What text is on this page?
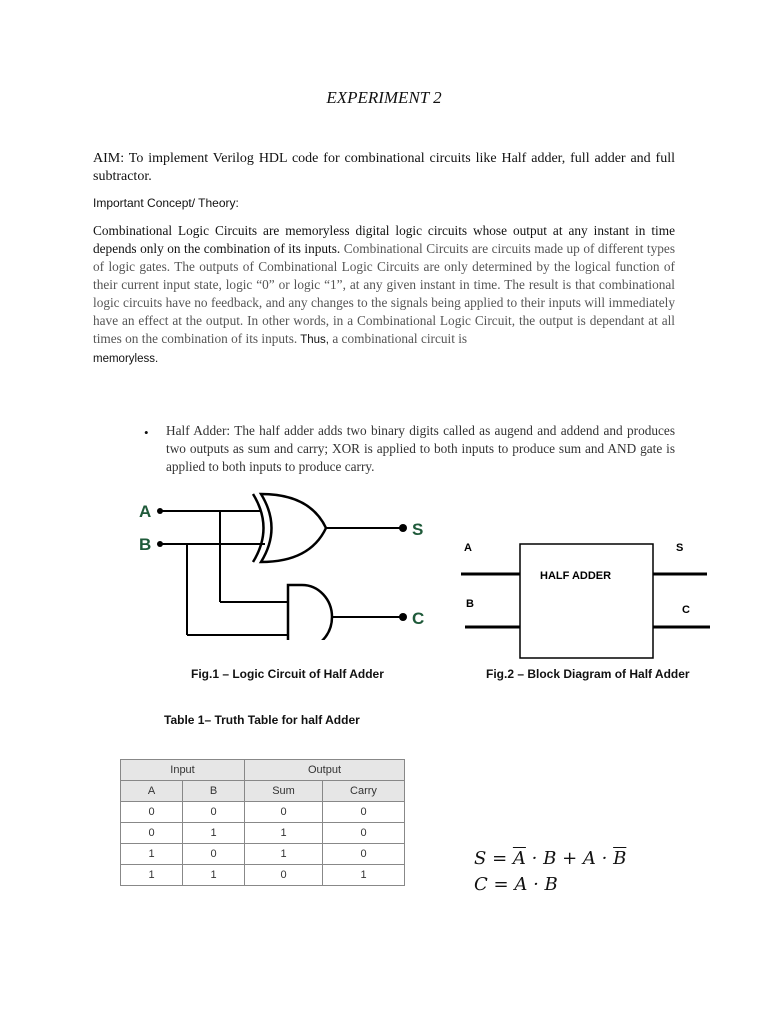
EXPERIMENT 2
AIM: To implement Verilog HDL code for combinational circuits like Half adder, full adder and full subtractor.
Important Concept/ Theory:
Combinational Logic Circuits are memoryless digital logic circuits whose output at any instant in time depends only on the combination of its inputs. Combinational Circuits are circuits made up of different types of logic gates. The outputs of Combinational Logic Circuits are only determined by the logical function of their current input state, logic “0” or logic “1”, at any given instant in time. The result is that combinational logic circuits have no feedback, and any changes to the signals being applied to their inputs will immediately have an effect at the output. In other words, in a Combinational Logic Circuit, the output is dependant at all times on the combination of its inputs. Thus, a combinational circuit is
memoryless.
• Half Adder: The half adder adds two binary digits called as augend and addend and produces two outputs as sum and carry; XOR is applied to both inputs to produce sum and AND gate is applied to both inputs to produce carry.
A
B
S
C
HALF ADDER
A
B
S
C
Fig.1 – Logic Circuit of Half Adder	Fig.2 – Block Diagram of Half Adder
Table 1– Truth Table for half Adder
Input		Output	
A	B	Sum	Carry
0	0	0	0
0	1	1	0
1	0	1	0
1	1	0	1
$S = \overline{A} \cdot B + A \cdot \overline{B}$
C = A · B
